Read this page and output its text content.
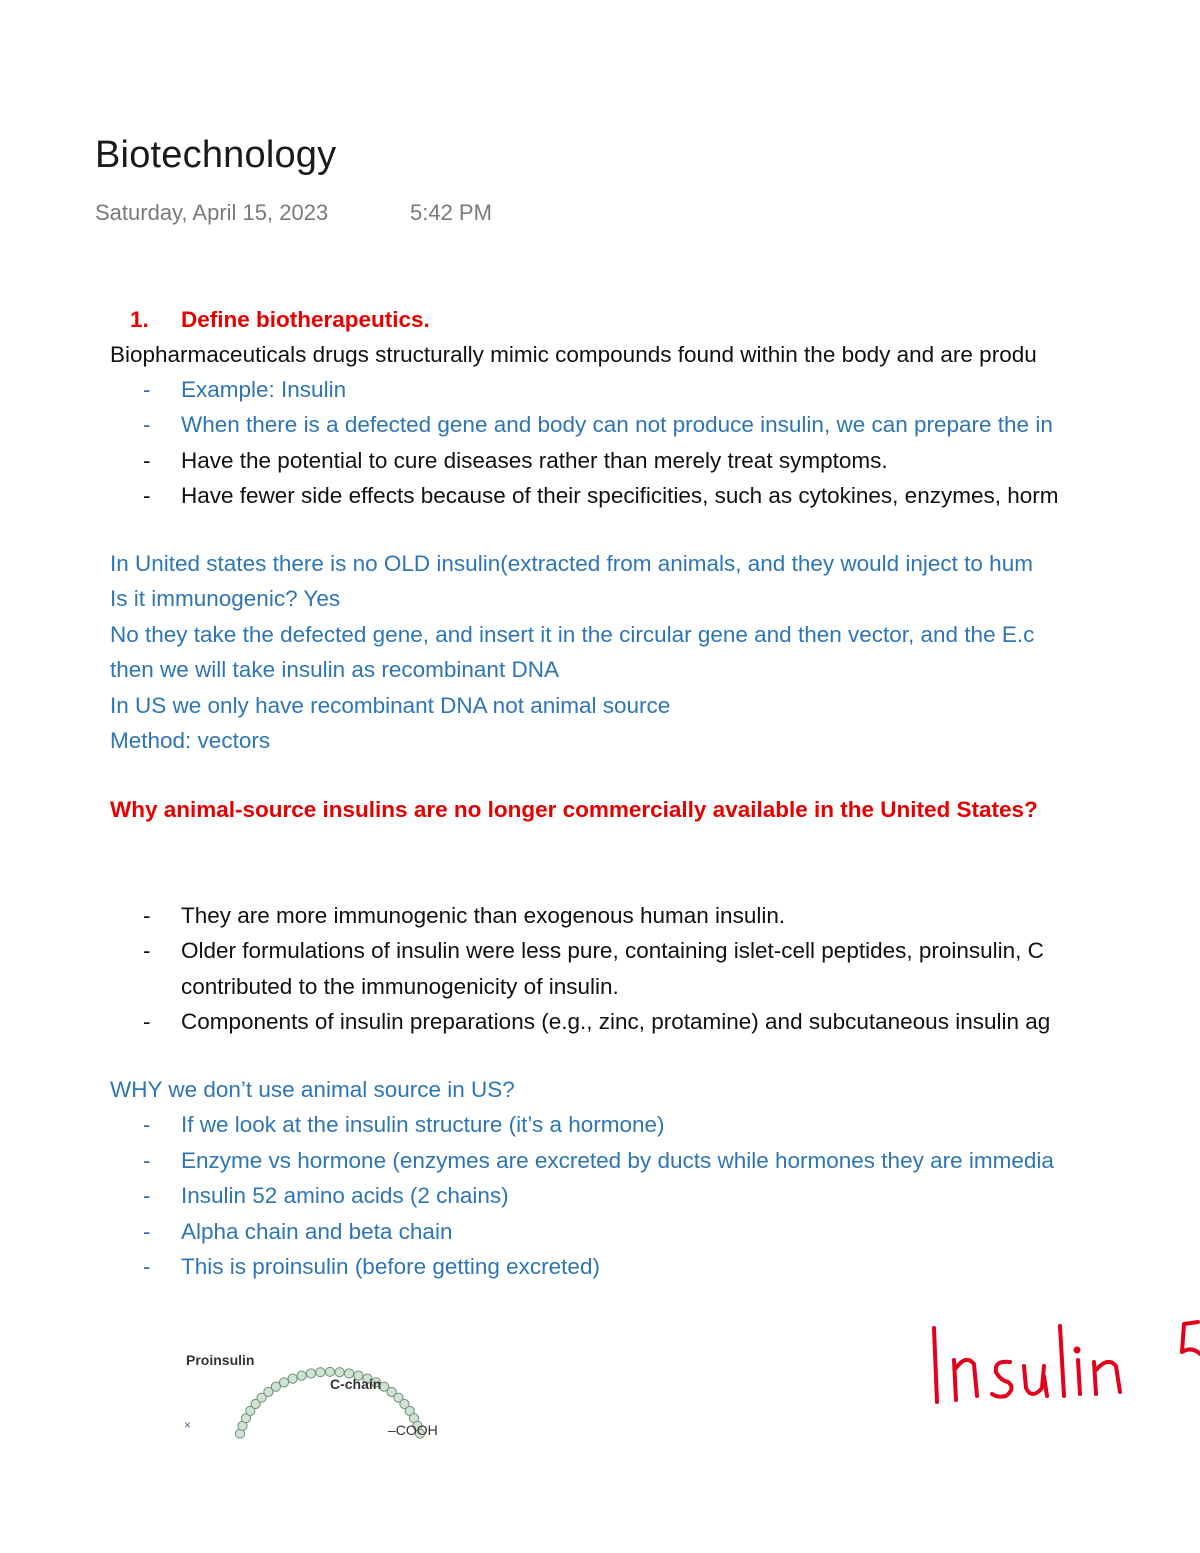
Biotechnology
Saturday, April 15, 2023	5:42 PM
1. Define biotherapeutics.
Biopharmaceuticals drugs structurally mimic compounds found within the body and are produ
- Example: Insulin
- When there is a defected gene and body can not produce insulin, we can prepare the in
- Have the potential to cure diseases rather than merely treat symptoms.
- Have fewer side effects because of their specificities, such as cytokines, enzymes, horm
In United states there is no OLD insulin(extracted from animals, and they would inject to hum
Is it immunogenic? Yes
No they take the defected gene, and insert it in the circular gene and then vector, and the E.c
then we will take insulin as recombinant DNA
In US we only have recombinant DNA not animal source
Method: vectors
Why animal-source insulins are no longer commercially available in the United States?
- They are more immunogenic than exogenous human insulin.
- Older formulations of insulin were less pure, containing islet-cell peptides, proinsulin, C
contributed to the immunogenicity of insulin.
- Components of insulin preparations (e.g., zinc, protamine) and subcutaneous insulin ag
WHY we don’t use animal source in US?
- If we look at the insulin structure (it’s a hormone)
- Enzyme vs hormone (enzymes are excreted by ducts while hormones they are immedia
- Insulin 52 amino acids (2 chains)
- Alpha chain and beta chain
- This is proinsulin (before getting excreted)
×
Proinsulin
C-chain
–COOH
